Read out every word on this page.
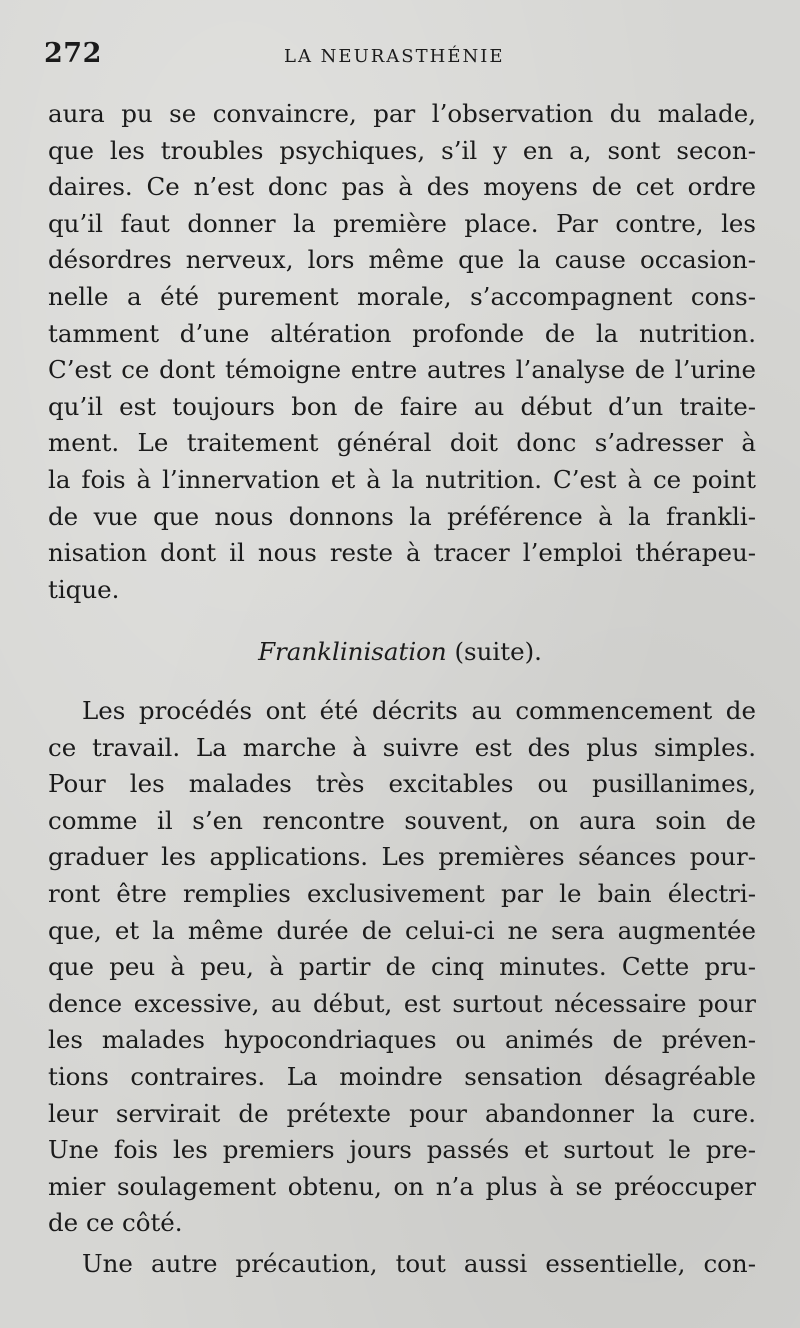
272	LA NEURASTHÉNIE
aura pu se convaincre, par l’observation du malade,
que les troubles psychiques, s’il y en a, sont secon-
daires. Ce n’est donc pas à des moyens de cet ordre
qu’il faut donner la première place. Par contre, les
désordres nerveux, lors même que la cause occasion-
nelle a été purement morale, s’accompagnent cons-
tamment d’une altération profonde de la nutrition.
C’est ce dont témoigne entre autres l’analyse de l’urine
qu’il est toujours bon de faire au début d’un traite-
ment. Le traitement général doit donc s’adresser à
la fois à l’innervation et à la nutrition. C’est à ce point
de vue que nous donnons la préférence à la frankli-
nisation dont il nous reste à tracer l’emploi thérapeu-
tique.
Franklinisation (suite).
Les procédés ont été décrits au commencement de
ce travail. La marche à suivre est des plus simples.
Pour les malades très excitables ou pusillanimes,
comme il s’en rencontre souvent, on aura soin de
graduer les applications. Les premières séances pour-
ront être remplies exclusivement par le bain électri-
que, et la même durée de celui-ci ne sera augmentée
que peu à peu, à partir de cinq minutes. Cette pru-
dence excessive, au début, est surtout nécessaire pour
les malades hypocondriaques ou animés de préven-
tions contraires. La moindre sensation désagréable
leur servirait de prétexte pour abandonner la cure.
Une fois les premiers jours passés et surtout le pre-
mier soulagement obtenu, on n’a plus à se préoccuper
de ce côté.
Une autre précaution, tout aussi essentielle, con-
